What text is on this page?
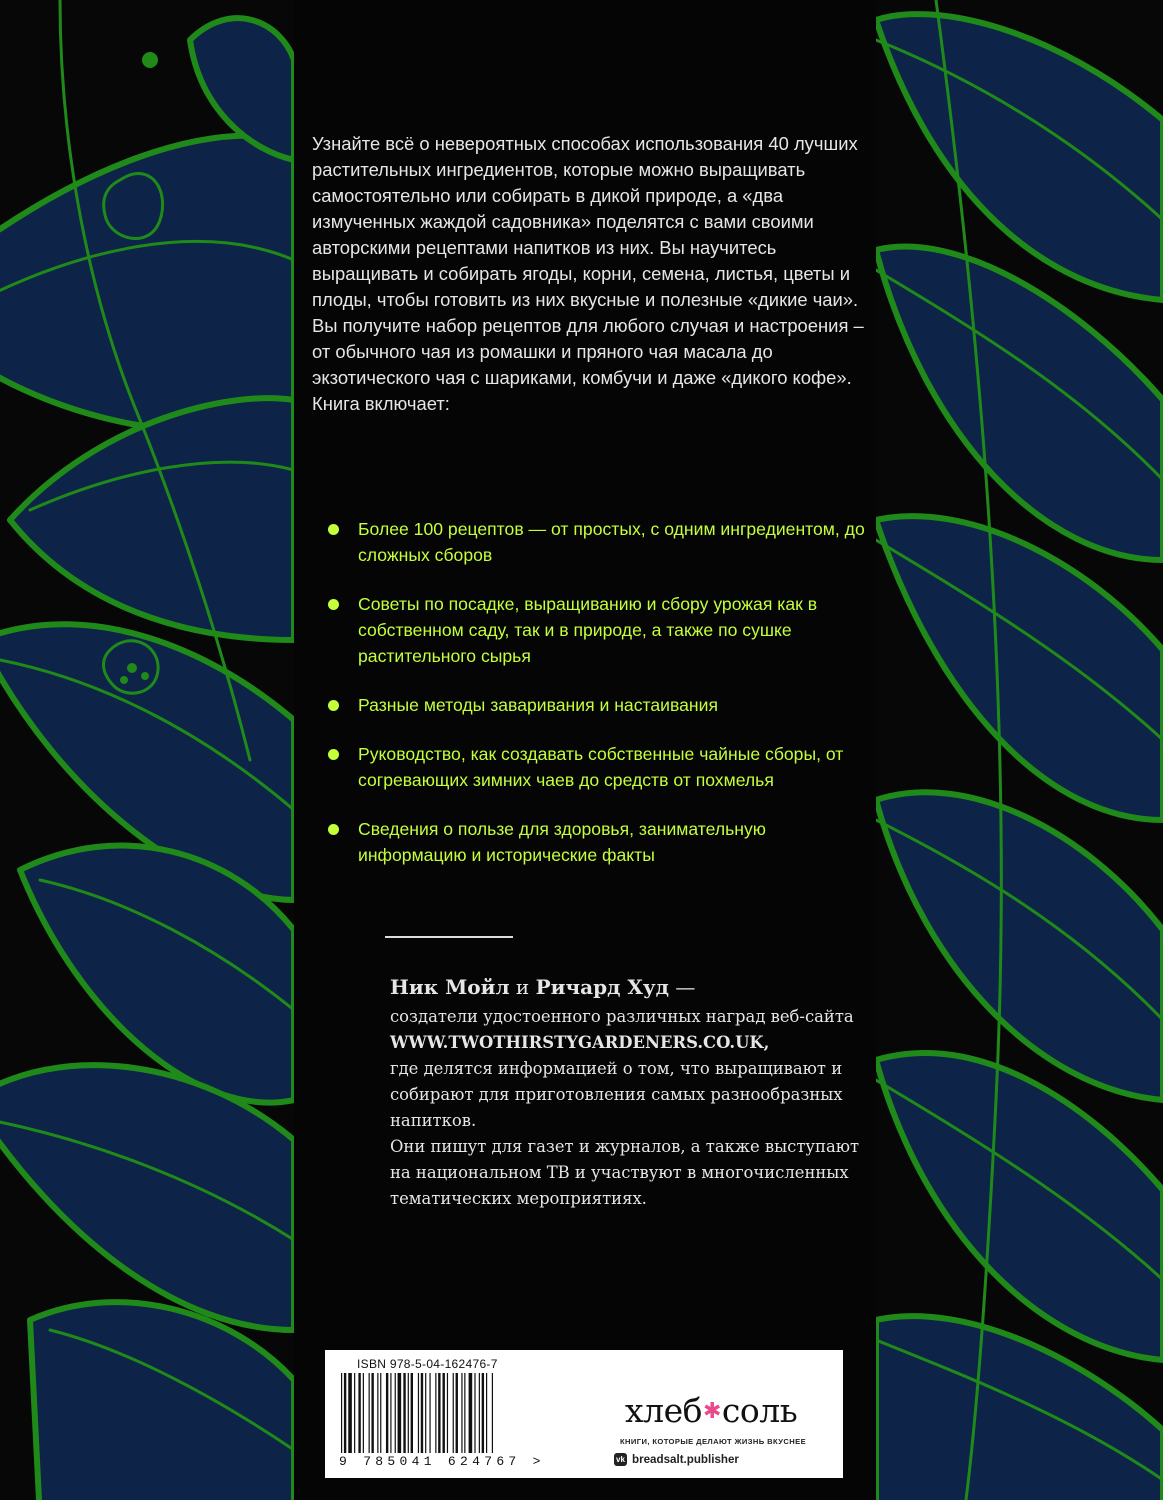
Узнайте всё о невероятных способах использования 40 лучших растительных ингредиентов, которые можно выращивать самостоятельно или собирать в дикой природе, а «два измученных жаждой садовника» поделятся с вами своими авторскими рецептами напитков из них. Вы научитесь выращивать и собирать ягоды, корни, семена, листья, цветы и плоды, чтобы готовить из них вкусные и полезные «дикие чаи».

Вы получите набор рецептов для любого случая и настроения – от обычного чая из ромашки и пряного чая масала до экзотического чая с шариками, комбучи и даже «дикого кофе». Книга включает:

Более 100 рецептов — от простых, с одним ингредиентом, до сложных сборов
Советы по посадке, выращиванию и сбору урожая как в собственном саду, так и в природе, а также по сушке растительного сырья
Разные методы заваривания и настаивания
Руководство, как создавать собственные чайные сборы, от согревающих зимних чаев до средств от похмелья
Сведения о пользе для здоровья, занимательную информацию и исторические факты
Ник Мойл и Ричард Худ —

создатели удостоенного различных наград веб-сайта

WWW.TWOTHIRSTYGARDENERS.CO.UK,

где делятся информацией о том, что выращивают и собирают для приготовления самых разнообразных напитков.

Они пишут для газет и журналов, а также выступают на национальном ТВ и участвуют в многочисленных тематических мероприятиях.

ISBN 978-5-04-162476-7
9 785041 624767 >
хлеб✱соль
КНИГИ, КОТОРЫЕ ДЕЛАЮТ ЖИЗНЬ ВКУСНЕЕ
vk breadsalt.publisher
